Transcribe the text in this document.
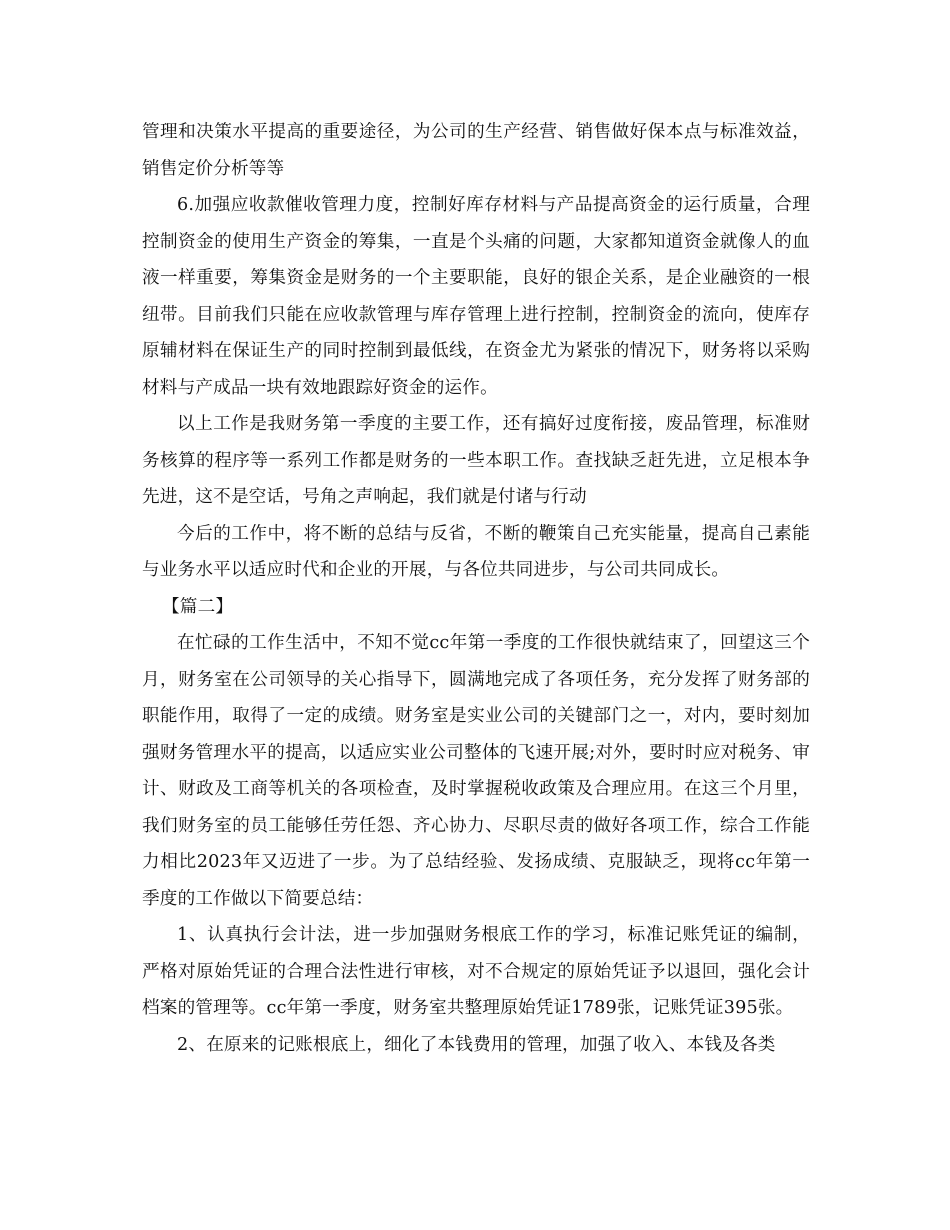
管理和决策水平提高的重要途径，为公司的生产经营、销售做好保本点与标准效益，销售定价分析等等

6.加强应收款催收管理力度，控制好库存材料与产品提高资金的运行质量，合理控制资金的使用生产资金的筹集，一直是个头痛的问题，大家都知道资金就像人的血液一样重要，筹集资金是财务的一个主要职能，良好的银企关系，是企业融资的一根纽带。目前我们只能在应收款管理与库存管理上进行控制，控制资金的流向，使库存原辅材料在保证生产的同时控制到最低线，在资金尤为紧张的情况下，财务将以采购材料与产成品一块有效地跟踪好资金的运作。

以上工作是我财务第一季度的主要工作，还有搞好过度衔接，废品管理，标准财务核算的程序等一系列工作都是财务的一些本职工作。查找缺乏赶先进，立足根本争先进，这不是空话，号角之声响起，我们就是付诸与行动

今后的工作中，将不断的总结与反省，不断的鞭策自己充实能量，提高自己素能与业务水平以适应时代和企业的开展，与各位共同进步，与公司共同成长。

【篇二】

在忙碌的工作生活中，不知不觉cc年第一季度的工作很快就结束了，回望这三个月，财务室在公司领导的关心指导下，圆满地完成了各项任务，充分发挥了财务部的职能作用，取得了一定的成绩。财务室是实业公司的关键部门之一，对内，要时刻加强财务管理水平的提高，以适应实业公司整体的飞速开展;对外，要时时应对税务、审计、财政及工商等机关的各项检查，及时掌握税收政策及合理应用。在这三个月里，我们财务室的员工能够任劳任怨、齐心协力、尽职尽责的做好各项工作，综合工作能力相比2023年又迈进了一步。为了总结经验、发扬成绩、克服缺乏，现将cc年第一季度的工作做以下简要总结：

1、认真执行会计法，进一步加强财务根底工作的学习，标准记账凭证的编制，严格对原始凭证的合理合法性进行审核，对不合规定的原始凭证予以退回，强化会计档案的管理等。cc年第一季度，财务室共整理原始凭证1789张，记账凭证395张。

2、在原来的记账根底上，细化了本钱费用的管理，加强了收入、本钱及各类
